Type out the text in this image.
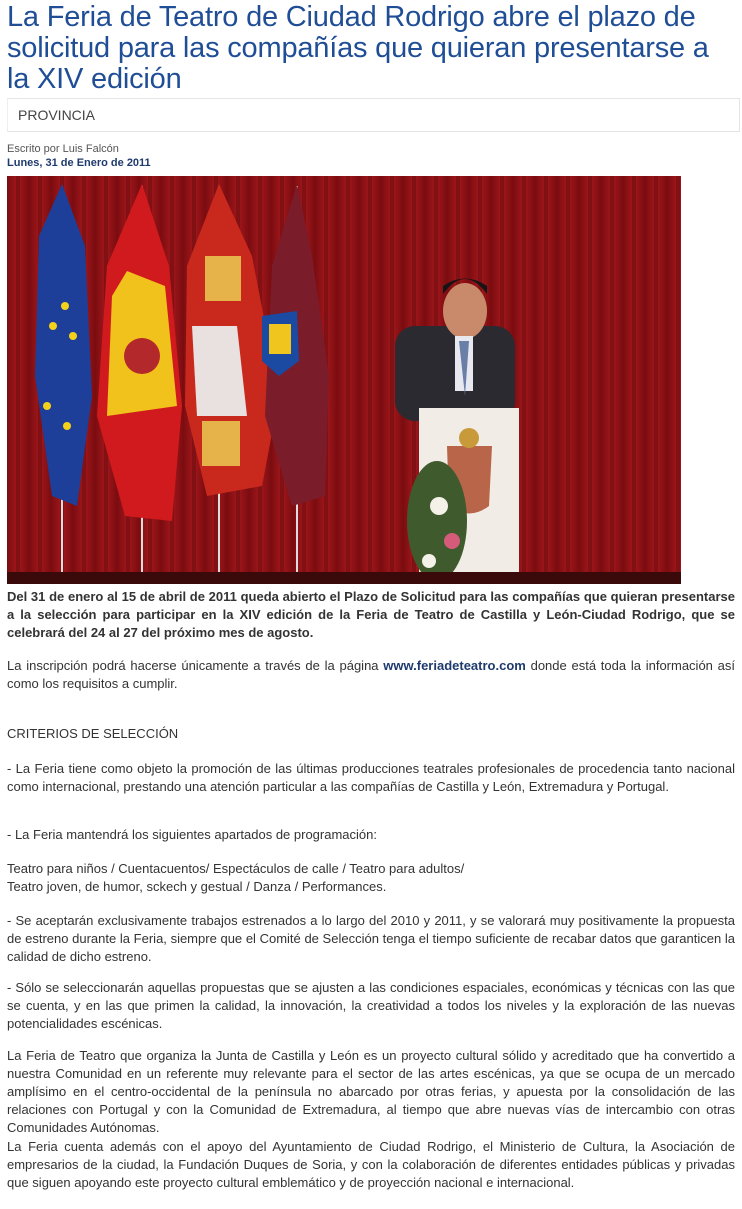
La Feria de Teatro de Ciudad Rodrigo abre el plazo de solicitud para las compañías que quieran presentarse a la XIV edición
PROVINCIA
Escrito por Luis Falcón
Lunes, 31 de Enero de 2011

Del 31 de enero al 15 de abril de 2011 queda abierto el Plazo de Solicitud para las compañías que quieran presentarse a la selección para participar en la XIV edición de la Feria de Teatro de Castilla y León-Ciudad Rodrigo, que se celebrará del 24 al 27 del próximo mes de agosto.

La inscripción podrá hacerse únicamente a través de la página www.feriadeteatro.com donde está toda la información así como los requisitos a cumplir.

CRITERIOS DE SELECCIÓN

- La Feria tiene como objeto la promoción de las últimas producciones teatrales profesionales de procedencia tanto nacional como internacional, prestando una atención particular a las compañías de Castilla y León, Extremadura y Portugal.

- La Feria mantendrá los siguientes apartados de programación:

Teatro para niños / Cuentacuentos/ Espectáculos de calle / Teatro para adultos/
Teatro joven, de humor, sckech y gestual / Danza / Performances.

- Se aceptarán exclusivamente trabajos estrenados a lo largo del 2010 y 2011, y se valorará muy positivamente la propuesta de estreno durante la Feria, siempre que el Comité de Selección tenga el tiempo suficiente de recabar datos que garanticen la calidad de dicho estreno.

- Sólo se seleccionarán aquellas propuestas que se ajusten a las condiciones espaciales, económicas y técnicas con las que se cuenta, y en las que primen la calidad, la innovación, la creatividad a todos los niveles y la exploración de las nuevas potencialidades escénicas.

La Feria de Teatro que organiza la Junta de Castilla y León es un proyecto cultural sólido y acreditado que ha convertido a nuestra Comunidad en un referente muy relevante para el sector de las artes escénicas, ya que se ocupa de un mercado amplísimo en el centro-occidental de la península no abarcado por otras ferias, y apuesta por la consolidación de las relaciones con Portugal y con la Comunidad de Extremadura, al tiempo que abre nuevas vías de intercambio con otras Comunidades Autónomas.

La Feria cuenta además con el apoyo del Ayuntamiento de Ciudad Rodrigo, el Ministerio de Cultura, la Asociación de empresarios de la ciudad, la Fundación Duques de Soria, y con la colaboración de diferentes entidades públicas y privadas que siguen apoyando este proyecto cultural emblemático y de proyección nacional e internacional.
